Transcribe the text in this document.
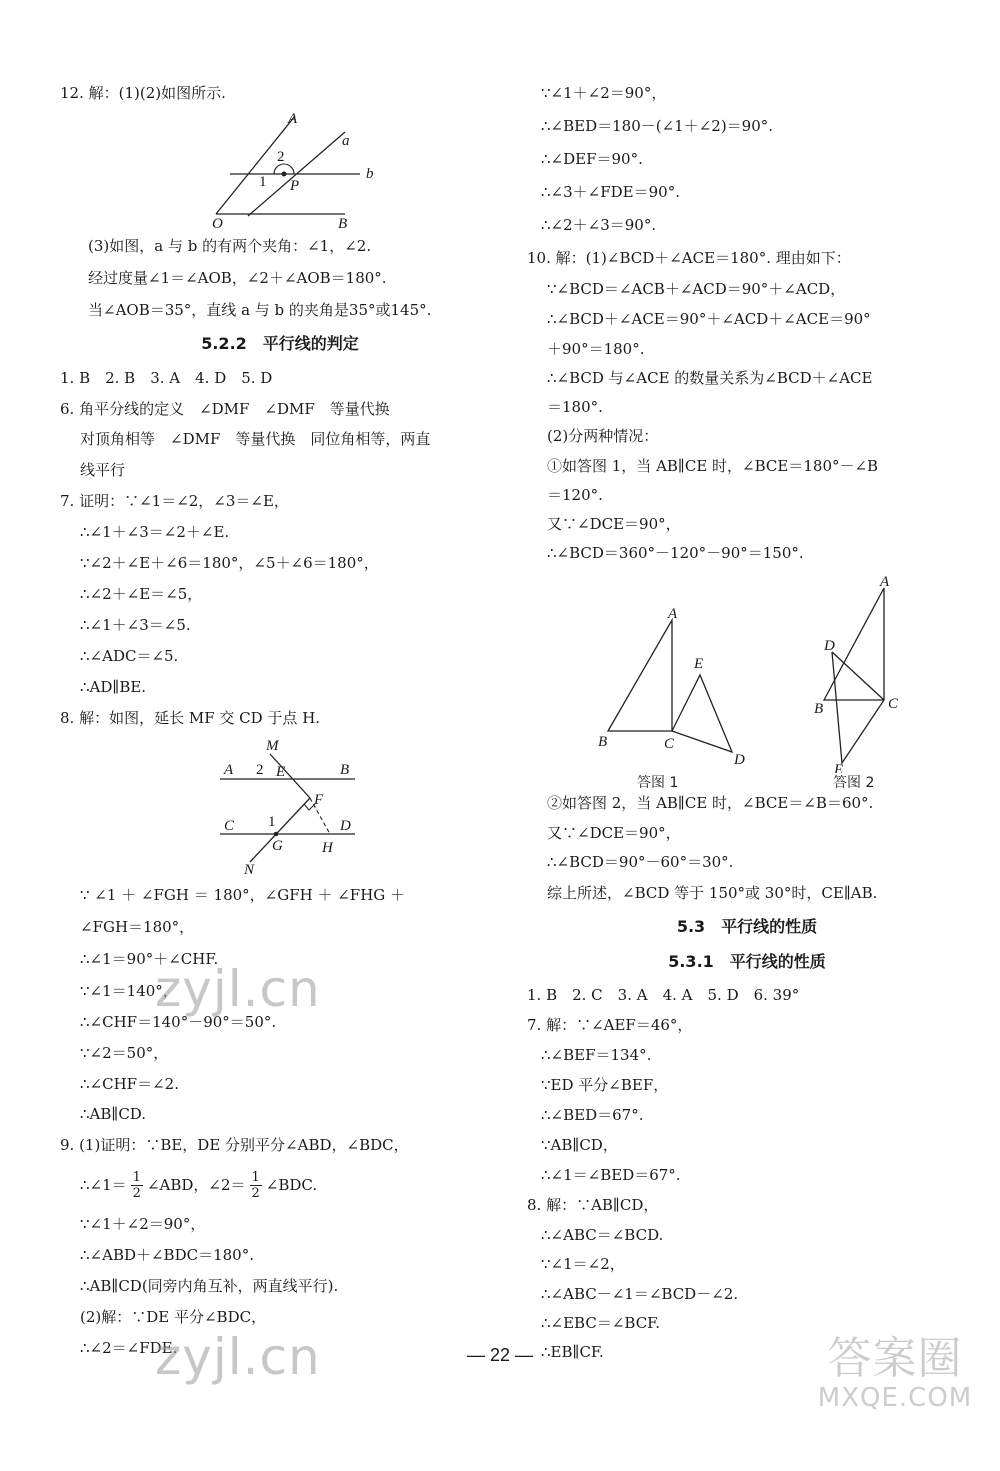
12. 解：(1)(2)如图所示.
A
a
2
1 P
b
O	B
(3)如图，a 与 b 的有两个夹角：∠1，∠2.
经过度量∠1＝∠AOB，∠2＋∠AOB＝180°.
当∠AOB＝35°，直线 a 与 b 的夹角是35°或145°.
5.2.2　平行线的判定
1. B　2. B　3. A　4. D　5. D
6. 角平分线的定义　∠DMF　∠DMF　等量代换
对顶角相等　∠DMF　等量代换　同位角相等，两直
线平行
7. 证明：∵∠1＝∠2，∠3＝∠E，
∴∠1＋∠3＝∠2＋∠E.
∵∠2＋∠E＋∠6＝180°，∠5＋∠6＝180°，
∴∠2＋∠E＝∠5，
∴∠1＋∠3＝∠5.
∴∠ADC＝∠5.
∴AD∥BE.
8. 解：如图，延长 MF 交 CD 于点 H.
M
A 2 E	B
F
C 1	D
G	H
N
∵ ∠1 ＋ ∠FGH ＝ 180°，∠GFH ＋ ∠FHG ＋
∠FGH＝180°，
∴∠1＝90°＋∠CHF.
∵∠1＝140°，
∴∠CHF＝140°－90°＝50°.
∵∠2＝50°，
∴∠CHF＝∠2.
∴AB∥CD.
9. (1)证明：∵BE，DE 分别平分∠ABD，∠BDC，
∴∠1＝ $\frac{1}{2}$ ∠ABD，∠2＝ $\frac{1}{2}$ ∠BDC.
∵∠1＋∠2＝90°，
∴∠ABD＋∠BDC＝180°.
∴AB∥CD(同旁内角互补，两直线平行).
(2)解：∵DE 平分∠BDC，
∴∠2＝∠FDE.
∵∠1＋∠2＝90°，
∴∠BED＝180－(∠1＋∠2)＝90°.
∴∠DEF＝90°.
∴∠3＋∠FDE＝90°.
∴∠2＋∠3＝90°.
10. 解：(1)∠BCD＋∠ACE＝180°. 理由如下：
∵∠BCD＝∠ACB＋∠ACD＝90°＋∠ACD，
∴∠BCD＋∠ACE＝90°＋∠ACD＋∠ACE＝90°
＋90°＝180°.
∴∠BCD 与∠ACE 的数量关系为∠BCD＋∠ACE
＝180°.
(2)分两种情况：
①如答图 1，当 AB∥CE 时，∠BCE＝180°－∠B
＝120°.
又∵∠DCE＝90°，
∴∠BCD＝360°－120°－90°＝150°.
A
E
B	C
D
答图 1
A
D
C
B
E
答图 2
②如答图 2，当 AB∥CE 时，∠BCE＝∠B＝60°.
又∵∠DCE＝90°，
∴∠BCD＝90°－60°＝30°.
综上所述，∠BCD 等于 150°或 30°时，CE∥AB.
5.3　平行线的性质
5.3.1　平行线的性质
1. B　2. C　3. A　4. A　5. D　6. 39°
7. 解：∵∠AEF＝46°，
∴∠BEF＝134°.
∵ED 平分∠BEF，
∴∠BED＝67°.
∵AB∥CD，
∴∠1＝∠BED＝67°.
8. 解：∵AB∥CD，
∴∠ABC＝∠BCD.
∵∠1＝∠2，
∴∠ABC－∠1＝∠BCD－∠2.
∴∠EBC＝∠BCF.
∴EB∥CF.
— 22 —
zyjl.cn
zyjl.cn	答案圈
MXQE.COM
